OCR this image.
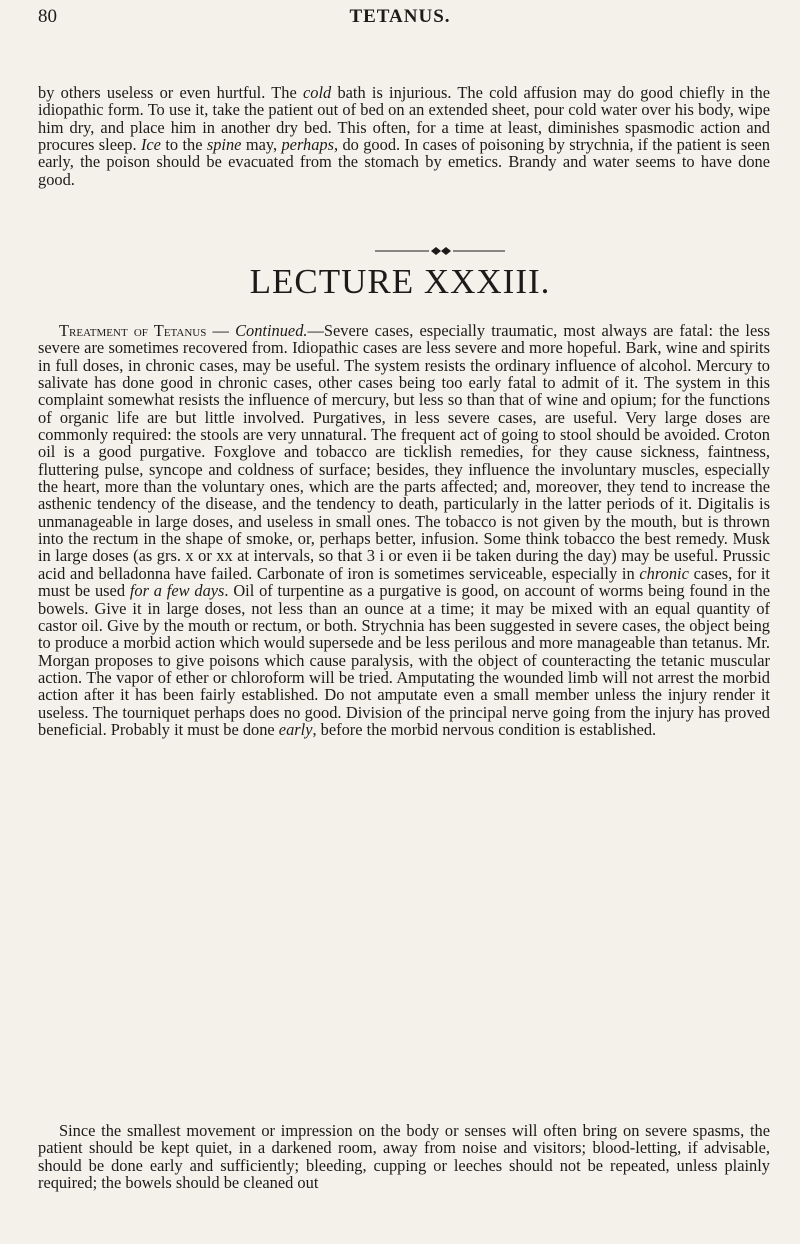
80	TETANUS.

by others useless or even hurtful. The cold bath is injurious. The cold affusion may do good chiefly in the idiopathic form. To use it, take the patient out of bed on an extended sheet, pour cold water over his body, wipe him dry, and place him in another dry bed. This often, for a time at least, diminishes spasmodic action and procures sleep. Ice to the spine may, perhaps, do good. In cases of poisoning by strychnia, if the patient is seen early, the poison should be evacuated from the stomach by emetics. Brandy and water seems to have done good.

LECTURE XXXIII.

Treatment of Tetanus — Continued.—Severe cases, especially traumatic, most always are fatal: the less severe are sometimes recovered from. Idiopathic cases are less severe and more hopeful. Bark, wine and spirits in full doses, in chronic cases, may be useful. The system resists the ordinary influence of alcohol. Mercury to salivate has done good in chronic cases, other cases being too early fatal to admit of it. The system in this complaint somewhat resists the influence of mercury, but less so than that of wine and opium; for the functions of organic life are but little involved. Purgatives, in less severe cases, are useful. Very large doses are commonly required: the stools are very unnatural. The frequent act of going to stool should be avoided. Croton oil is a good purgative. Foxglove and tobacco are ticklish remedies, for they cause sickness, faintness, fluttering pulse, syncope and coldness of surface; besides, they influence the involuntary muscles, especially the heart, more than the voluntary ones, which are the parts affected; and, moreover, they tend to increase the asthenic tendency of the disease, and the tendency to death, particularly in the latter periods of it. Digitalis is unmanageable in large doses, and useless in small ones. The tobacco is not given by the mouth, but is thrown into the rectum in the shape of smoke, or, perhaps better, infusion. Some think tobacco the best remedy. Musk in large doses (as grs. x or xx at intervals, so that 3 i or even ii be taken during the day) may be useful. Prussic acid and belladonna have failed. Carbonate of iron is sometimes serviceable, especially in chronic cases, for it must be used for a few days. Oil of turpentine as a purgative is good, on account of worms being found in the bowels. Give it in large doses, not less than an ounce at a time; it may be mixed with an equal quantity of castor oil. Give by the mouth or rectum, or both. Strychnia has been suggested in severe cases, the object being to produce a morbid action which would supersede and be less perilous and more manageable than tetanus. Mr. Morgan proposes to give poisons which cause paralysis, with the object of counteracting the tetanic muscular action. The vapor of ether or chloroform will be tried. Amputating the wounded limb will not arrest the morbid action after it has been fairly established. Do not amputate even a small member unless the injury render it useless. The tourniquet perhaps does no good. Division of the principal nerve going from the injury has proved beneficial. Probably it must be done early, before the morbid nervous condition is established.

Since the smallest movement or impression on the body or senses will often bring on severe spasms, the patient should be kept quiet, in a darkened room, away from noise and visitors; blood-letting, if advisable, should be done early and sufficiently; bleeding, cupping or leeches should not be repeated, unless plainly required; the bowels should be cleaned out
